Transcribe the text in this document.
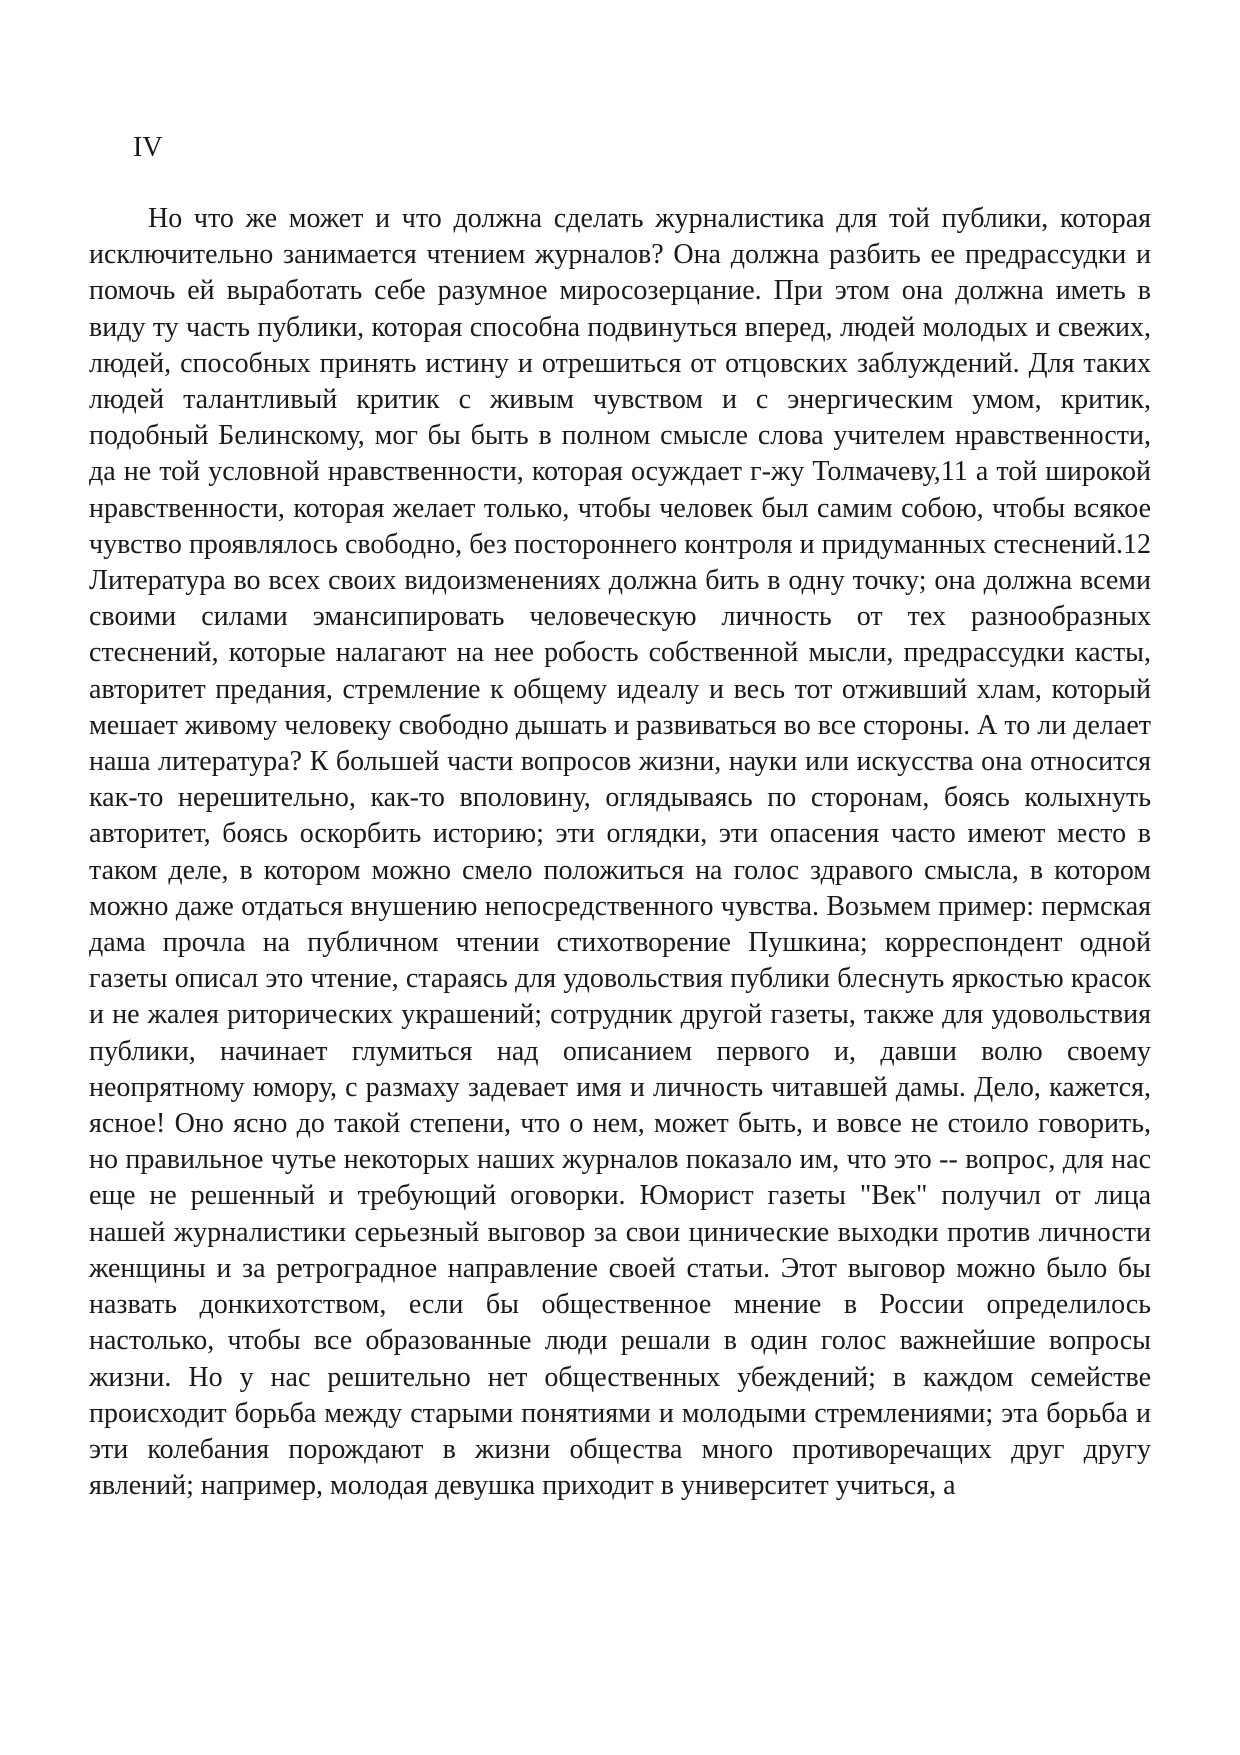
IV

Но что же может и что должна сделать журналистика для той публики, которая исключительно занимается чтением журналов? Она должна разбить ее предрассудки и помочь ей выработать себе разумное миросозерцание. При этом она должна иметь в виду ту часть публики, которая способна подвинуться вперед, людей молодых и свежих, людей, способных принять истину и отрешиться от отцовских заблуждений. Для таких людей талантливый критик с живым чувством и с энергическим умом, критик, подобный Белинскому, мог бы быть в полном смысле слова учителем нравственности, да не той условной нравственности, которая осуждает г-жу Толмачеву,11 а той широкой нравственности, которая желает только, чтобы человек был самим собою, чтобы всякое чувство проявлялось свободно, без постороннего контроля и придуманных стеснений.12 Литература во всех своих видоизменениях должна бить в одну точку; она должна всеми своими силами эмансипировать человеческую личность от тех разнообразных стеснений, которые налагают на нее робость собственной мысли, предрассудки касты, авторитет предания, стремление к общему идеалу и весь тот отживший хлам, который мешает живому человеку свободно дышать и развиваться во все стороны. А то ли делает наша литература? К большей части вопросов жизни, науки или искусства она относится как-то нерешительно, как-то вполовину, оглядываясь по сторонам, боясь колыхнуть авторитет, боясь оскорбить историю; эти оглядки, эти опасения часто имеют место в таком деле, в котором можно смело положиться на голос здравого смысла, в котором можно даже отдаться внушению непосредственного чувства. Возьмем пример: пермская дама прочла на публичном чтении стихотворение Пушкина; корреспондент одной газеты описал это чтение, стараясь для удовольствия публики блеснуть яркостью красок и не жалея риторических украшений; сотрудник другой газеты, также для удовольствия публики, начинает глумиться над описанием первого и, давши волю своему неопрятному юмору, с размаху задевает имя и личность читавшей дамы. Дело, кажется, ясное! Оно ясно до такой степени, что о нем, может быть, и вовсе не стоило говорить, но правильное чутье некоторых наших журналов показало им, что это -- вопрос, для нас еще не решенный и требующий оговорки. Юморист газеты "Век" получил от лица нашей журналистики серьезный выговор за свои цинические выходки против личности женщины и за ретроградное направление своей статьи. Этот выговор можно было бы назвать донкихотством, если бы общественное мнение в России определилось настолько, чтобы все образованные люди решали в один голос важнейшие вопросы жизни. Но у нас решительно нет общественных убеждений; в каждом семействе происходит борьба между старыми понятиями и молодыми стремлениями; эта борьба и эти колебания порождают в жизни общества много противоречащих друг другу явлений; например, молодая девушка приходит в университет учиться, а
